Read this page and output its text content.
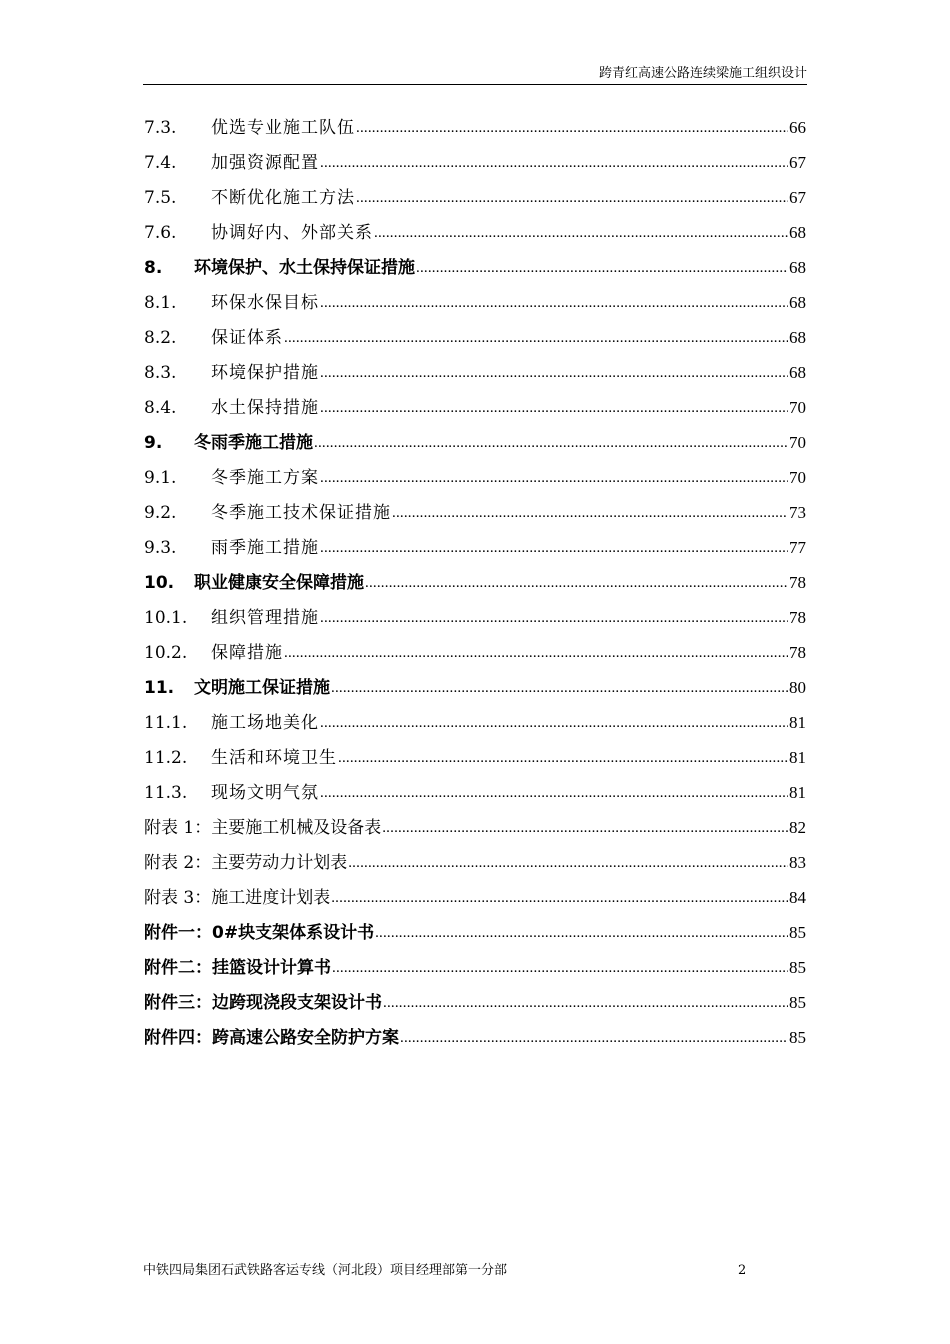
跨青红高速公路连续梁施工组织设计
7.3.	优选专业施工队伍 .....	66
7.4.	加强资源配置 .....	67
7.5.	不断优化施工方法 .....	67
7.6.	协调好内、外部关系 .....	68
8.	环境保护、水土保持保证措施 .....	68
8.1.	环保水保目标 .....	68
8.2.	保证体系 .....	68
8.3.	环境保护措施 .....	68
8.4.	水土保持措施 .....	70
9.	冬雨季施工措施 .....	70
9.1.	冬季施工方案 .....	70
9.2.	冬季施工技术保证措施 .....	73
9.3.	雨季施工措施 .....	77
10.	职业健康安全保障措施 .....	78
10.1.	组织管理措施 .....	78
10.2.	保障措施 .....	78
11.	文明施工保证措施 .....	80
11.1.	施工场地美化 .....	81
11.2.	生活和环境卫生 .....	81
11.3.	现场文明气氛 .....	81
附表 1：主要施工机械及设备表 .....	82
附表 2：主要劳动力计划表 .....	83
附表 3：施工进度计划表 .....	84
附件一：0#块支架体系设计书 .....	85
附件二：挂篮设计计算书 .....	85
附件三：边跨现浇段支架设计书 .....	85
附件四：跨高速公路安全防护方案 .....	85
中铁四局集团石武铁路客运专线（河北段）项目经理部第一分部	2
